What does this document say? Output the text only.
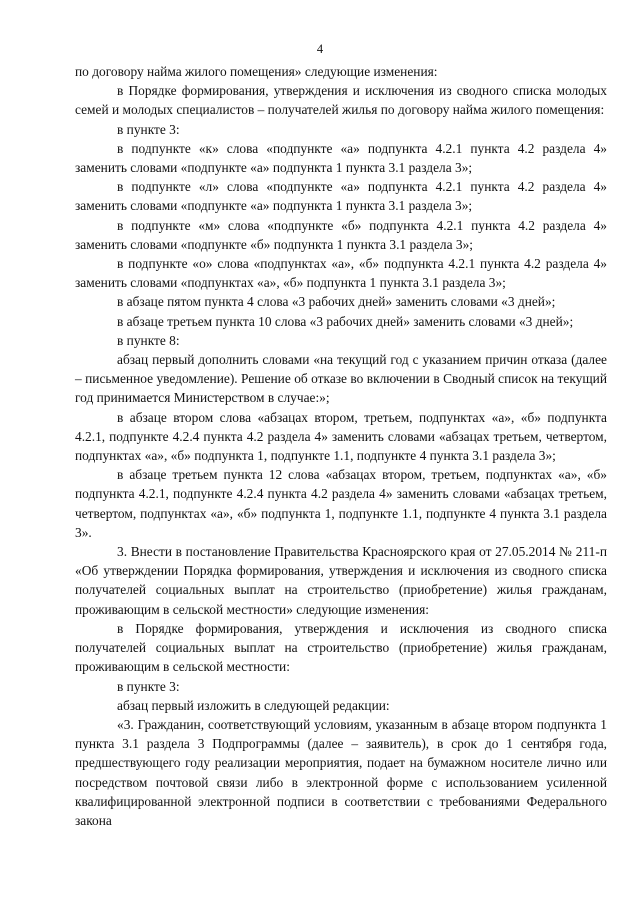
4

по договору найма жилого помещения» следующие изменения:

в Порядке формирования, утверждения и исключения из сводного списка молодых семей и молодых специалистов – получателей жилья по договору найма жилого помещения:

в пункте 3:

в подпункте «к» слова «подпункте «а» подпункта 4.2.1 пункта 4.2 раздела 4» заменить словами «подпункте «а» подпункта 1 пункта 3.1 раздела 3»;

в подпункте «л» слова «подпункте «а» подпункта 4.2.1 пункта 4.2 раздела 4» заменить словами «подпункте «а» подпункта 1 пункта 3.1 раздела 3»;

в подпункте «м» слова «подпункте «б» подпункта 4.2.1 пункта 4.2 раздела 4» заменить словами «подпункте «б» подпункта 1 пункта 3.1 раздела 3»;

в подпункте «о» слова «подпунктах «а», «б» подпункта 4.2.1 пункта 4.2 раздела 4» заменить словами «подпунктах «а», «б» подпункта 1 пункта 3.1 раздела 3»;

в абзаце пятом пункта 4 слова «3 рабочих дней» заменить словами «3 дней»;

в абзаце третьем пункта 10 слова «3 рабочих дней» заменить словами «3 дней»;

в пункте 8:

абзац первый дополнить словами «на текущий год с указанием причин отказа (далее – письменное уведомление). Решение об отказе во включении в Сводный список на текущий год принимается Министерством в случае:»;

в абзаце втором слова «абзацах втором, третьем, подпунктах «а», «б» подпункта 4.2.1, подпункте 4.2.4 пункта 4.2 раздела 4» заменить словами «абзацах третьем, четвертом, подпунктах «а», «б» подпункта 1, подпункте 1.1, подпункте 4 пункта 3.1 раздела 3»;

в абзаце третьем пункта 12 слова «абзацах втором, третьем, подпунктах «а», «б» подпункта 4.2.1, подпункте 4.2.4 пункта 4.2 раздела 4» заменить словами «абзацах третьем, четвертом, подпунктах «а», «б» подпункта 1, подпункте 1.1, подпункте 4 пункта 3.1 раздела 3».

3. Внести в постановление Правительства Красноярского края от 27.05.2014 № 211-п «Об утверждении Порядка формирования, утверждения и исключения из сводного списка получателей социальных выплат на строительство (приобретение) жилья гражданам, проживающим в сельской местности» следующие изменения:

в Порядке формирования, утверждения и исключения из сводного списка получателей социальных выплат на строительство (приобретение) жилья гражданам, проживающим в сельской местности:

в пункте 3:

абзац первый изложить в следующей редакции:

«3. Гражданин, соответствующий условиям, указанным в абзаце втором подпункта 1 пункта 3.1 раздела 3 Подпрограммы (далее – заявитель), в срок до 1 сентября года, предшествующего году реализации мероприятия, подает на бумажном носителе лично или посредством почтовой связи либо в электронной форме с использованием усиленной квалифицированной электронной подписи в соответствии с требованиями Федерального закона
